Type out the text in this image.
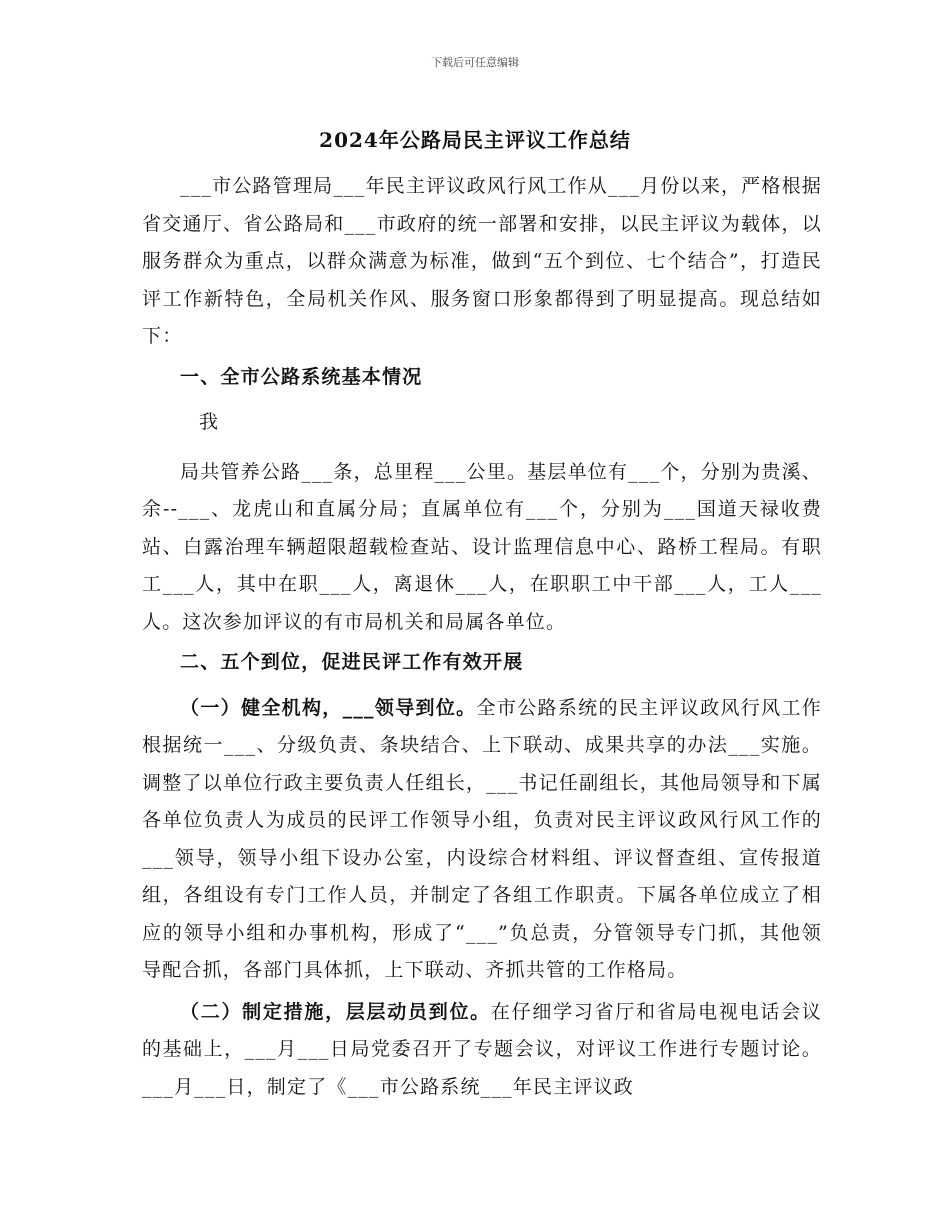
下载后可任意编辑
2024年公路局民主评议工作总结

___市公路管理局___年民主评议政风行风工作从___月份以来，严格根据省交通厅、省公路局和___市政府的统一部署和安排，以民主评议为载体，以服务群众为重点，以群众满意为标准，做到“五个到位、七个结合”，打造民评工作新特色，全局机关作风、服务窗口形象都得到了明显提高。现总结如下：

一、全市公路系统基本情况

我

局共管养公路___条，总里程___公里。基层单位有___个，分别为贵溪、余--___、龙虎山和直属分局；直属单位有___个，分别为___国道天禄收费站、白露治理车辆超限超载检查站、设计监理信息中心、路桥工程局。有职工___人，其中在职___人，离退休___人，在职职工中干部___人，工人___人。这次参加评议的有市局机关和局属各单位。

二、五个到位，促进民评工作有效开展

（一）健全机构，___领导到位。全市公路系统的民主评议政风行风工作根据统一___、分级负责、条块结合、上下联动、成果共享的办法___实施。调整了以单位行政主要负责人任组长，___书记任副组长，其他局领导和下属各单位负责人为成员的民评工作领导小组，负责对民主评议政风行风工作的___领导，领导小组下设办公室，内设综合材料组、评议督查组、宣传报道组，各组设有专门工作人员，并制定了各组工作职责。下属各单位成立了相应的领导小组和办事机构，形成了“___”负总责，分管领导专门抓，其他领导配合抓，各部门具体抓，上下联动、齐抓共管的工作格局。

（二）制定措施，层层动员到位。在仔细学习省厅和省局电视电话会议的基础上，___月___日局党委召开了专题会议，对评议工作进行专题讨论。___月___日，制定了《___市公路系统___年民主评议政
